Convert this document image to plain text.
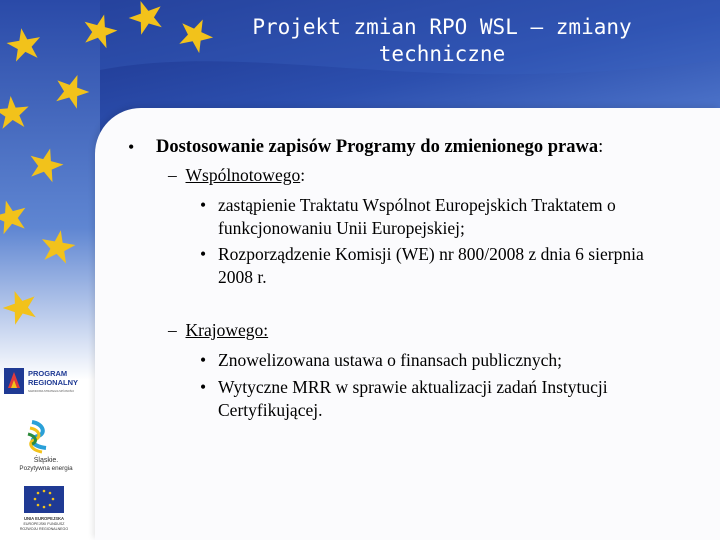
Projekt zmian RPO WSL – zmiany techniczne
• Dostosowanie zapisów Programy do zmienionego prawa:
– Wspólnotowego:
• zastąpienie Traktatu Wspólnot Europejskich Traktatem o funkcjonowaniu Unii Europejskiej;
• Rozporządzenie Komisji (WE) nr 800/2008 z dnia 6 sierpnia 2008 r.
– Krajowego:
• Znowelizowana ustawa o finansach publicznych;
• Wytyczne MRR w sprawie aktualizacji zadań Instytucji Certyfikującej.
PROGRAM
REGIONALNY
NARODOWA STRATEGIA SPÓJNOŚCI
Śląskie.
Pozytywna energia
UNIA EUROPEJSKA
EUROPEJSKI FUNDUSZ
ROZWOJU REGIONALNEGO
